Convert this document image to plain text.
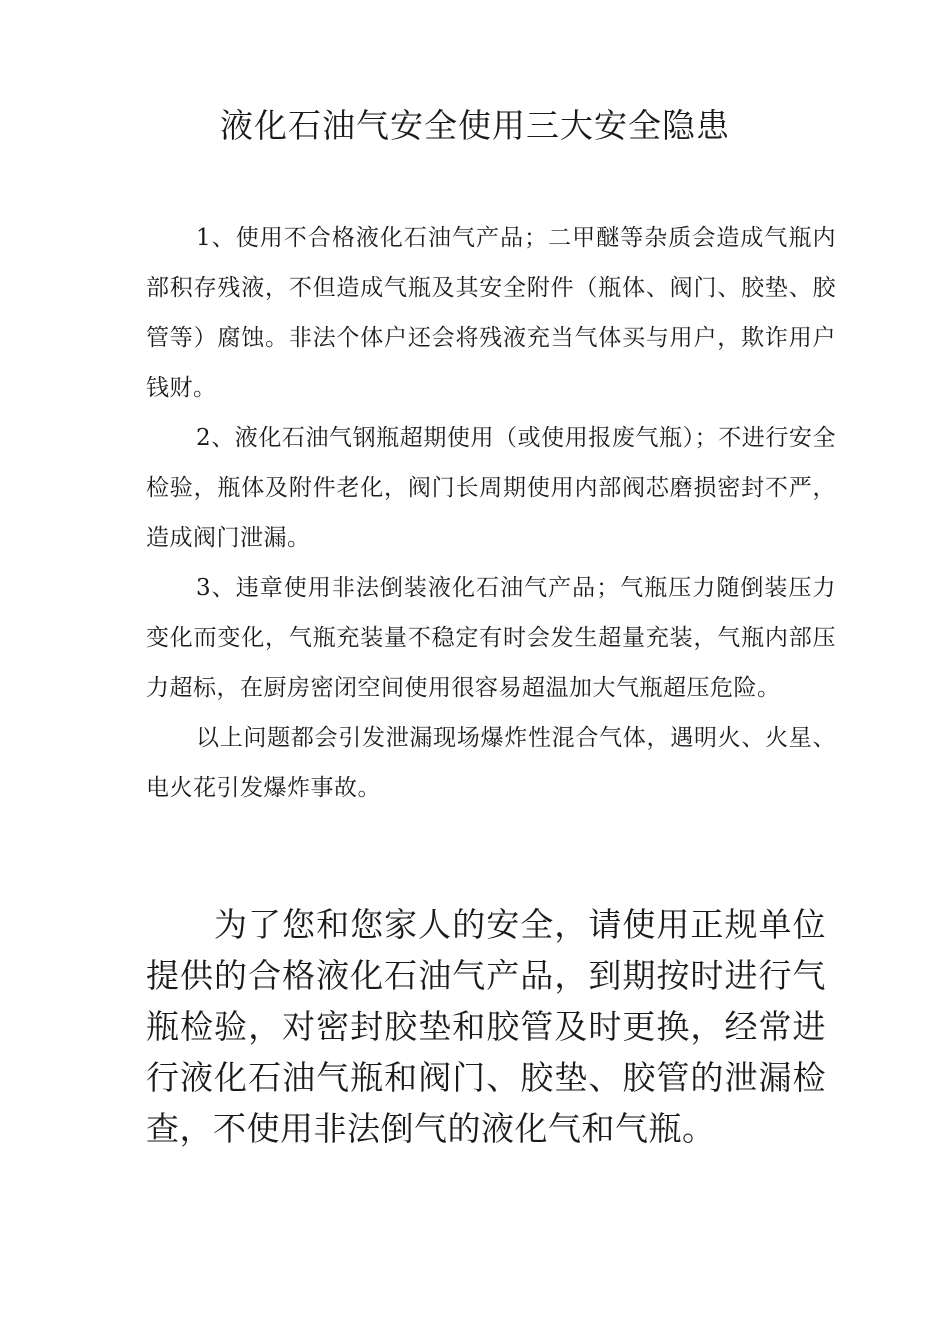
液化石油气安全使用三大安全隐患

1、使用不合格液化石油气产品；二甲醚等杂质会造成气瓶内部积存残液，不但造成气瓶及其安全附件（瓶体、阀门、胶垫、胶管等）腐蚀。非法个体户还会将残液充当气体买与用户，欺诈用户钱财。

2、液化石油气钢瓶超期使用（或使用报废气瓶）；不进行安全检验，瓶体及附件老化，阀门长周期使用内部阀芯磨损密封不严，造成阀门泄漏。

3、违章使用非法倒装液化石油气产品；气瓶压力随倒装压力变化而变化，气瓶充装量不稳定有时会发生超量充装，气瓶内部压力超标，在厨房密闭空间使用很容易超温加大气瓶超压危险。

以上问题都会引发泄漏现场爆炸性混合气体，遇明火、火星、电火花引发爆炸事故。

为了您和您家人的安全，请使用正规单位提供的合格液化石油气产品，到期按时进行气瓶检验，对密封胶垫和胶管及时更换，经常进行液化石油气瓶和阀门、胶垫、胶管的泄漏检查，不使用非法倒气的液化气和气瓶。
